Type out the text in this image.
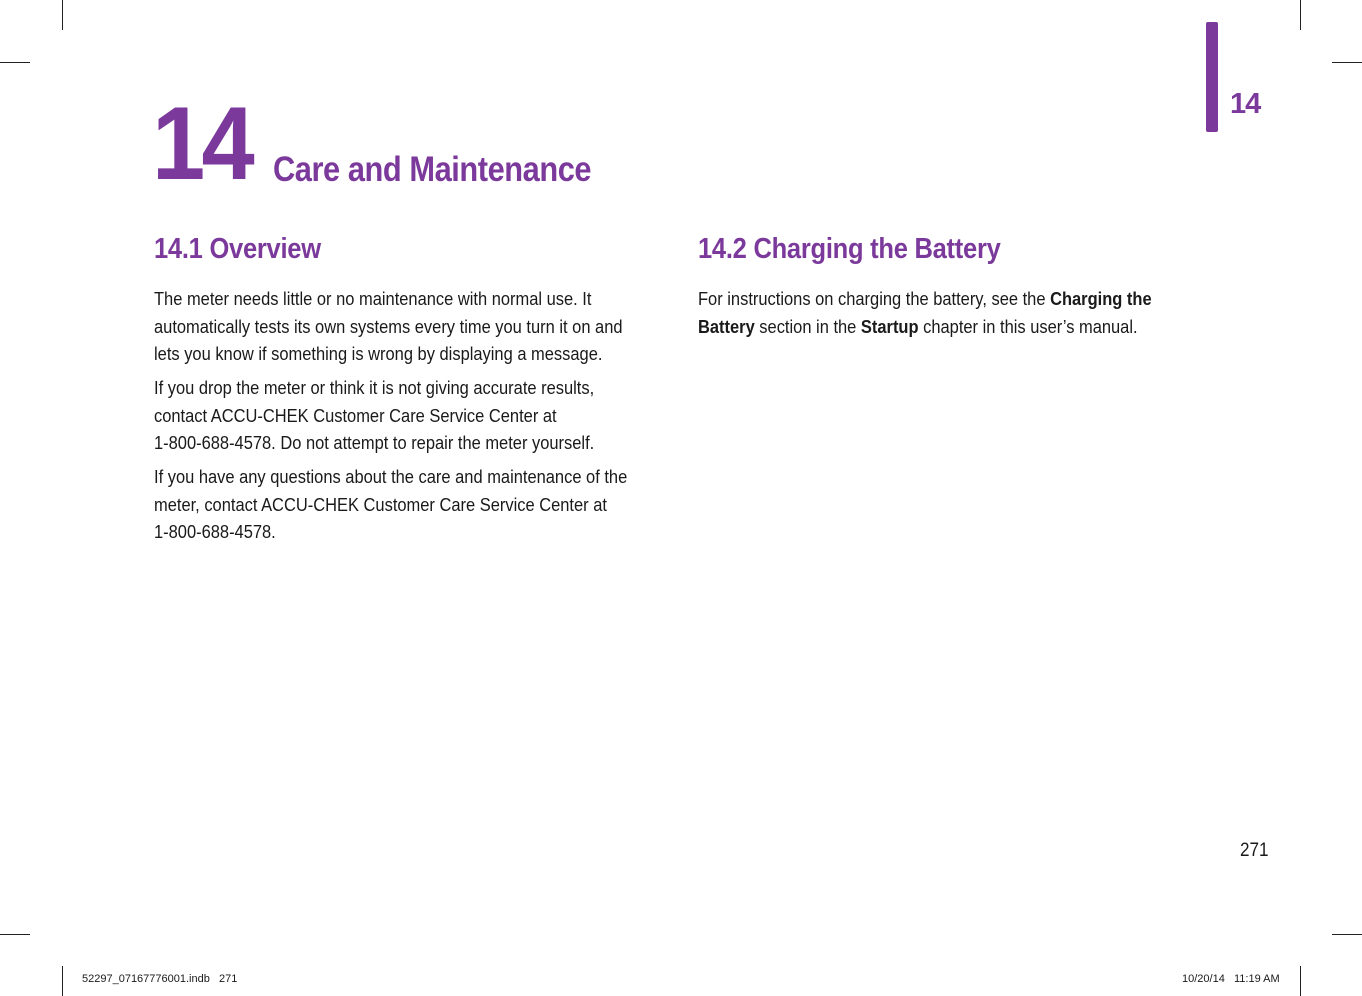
14
14 Care and Maintenance
14.1 Overview

The meter needs little or no maintenance with normal use. It
automatically tests its own systems every time you turn it on and
lets you know if something is wrong by displaying a message.

If you drop the meter or think it is not giving accurate results,
contact ACCU-CHEK Customer Care Service Center at
1-800-688-4578. Do not attempt to repair the meter yourself.

If you have any questions about the care and maintenance of the
meter, contact ACCU-CHEK Customer Care Service Center at
1-800-688-4578.

14.2 Charging the Battery

For instructions on charging the battery, see the Charging the
Battery section in the Startup chapter in this user’s manual.

271
52297_07167776001.indb   271	10/20/14   11:19 AM
